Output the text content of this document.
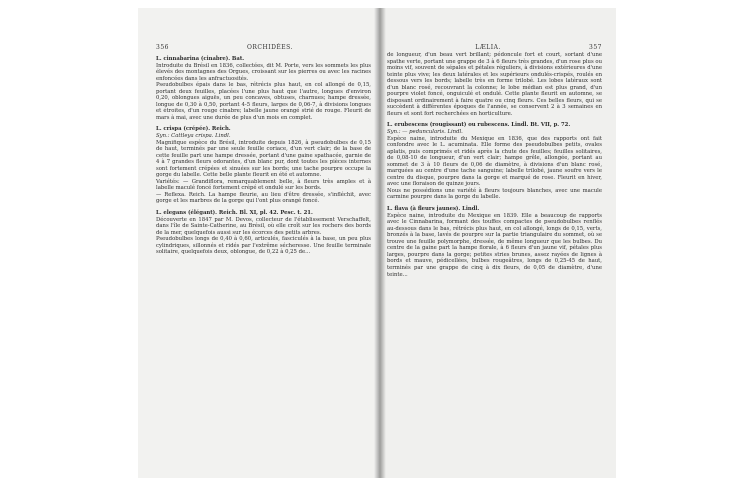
356	ORCHIDÉES.
L. cinnabarina (cinabre). Bat.

Introduite du Brésil en 1836, collectées, dit M. Porte, vers les sommets les plus élevés des montagnes des Orgues, croissant sur les pierres ou avec les racines enfoncées dans les anfractuosités.

Pseudobulbes épais dans le bas, rétrécis plus haut, en col allongé de 0,15, portant deux feuilles, placées l'une plus haut que l'autre, longues d'environ 0,20, oblongues aiguës, un peu concaves, obtuses, charnues; hampe dressée, longue de 0,30 à 0,50, portant 4-5 fleurs, larges de 0,06-7, à divisions longues et étroites, d'un rouge cinabre; labelle jaune orangé strié de rouge. Fleurit de mars à mai, avec une durée de plus d'un mois en complet.

L. crispa (crépée). Reich.

Syn.: Cattleya crispa. Lindl.

Magnifique espèce du Brésil, introduite depuis 1826, à pseudobulbes de 0,15 de haut, terminés par une seule feuille coriace, d'un vert clair; de la base de cette feuille part une hampe dressée, portant d'une gaine spathacée, garnie de 4 à 7 grandes fleurs odorantes, d'un blanc pur, dont toutes les pièces internes sont fortement crépées et sinuées sur les bords; une tache pourpre occupe la gorge du labelle. Cette belle plante fleurit en été et automne.

Variétés: — Grandiflora, remarquablement belle, à fleurs très amples et à labelle maculé foncé fortement crépé et ondulé sur les bords.

— Reflexa. Reich. La hampe fleurie, au lieu d'être dressée, s'infléchit, avec gorge et les marbres de la gorge qui l'ont plus orangé foncé.

L. elegans (élégant). Reich. Bl. XI, pl. 42. Pesc. t. 21.

Découverte en 1847 par M. Devos, collecteur de l'établissement Verschaffelt, dans l'île de Sainte-Catherine, au Brésil, où elle croît sur les rochers des bords de la mer, quelquefois aussi sur les écorces des petits arbres.

Pseudobulbes longs de 0,40 à 0,60, articulés, fasciculés à la base, un peu plus cylindriques, sillonnés et ridés par l'extrême sécheresse. Une feuille terminale solitaire, quelquefois deux, oblongue, de 0,22 à 0,25 de...

LÆLIA.	357

de longueur, d'un beau vert brillant; pédoncule fort et court, sortant d'une spathe verte, portant une grappe de 3 à 6 fleurs très grandes, d'un rose plus ou moins vif, souvent de sépales et pétales réguliers, à divisions extérieures d'une teinte plus vive; les deux latérales et les supérieurs ondulés-crispés, roulés en dessous vers les bords; labelle très en forme trilobé. Les lobes latéraux sont d'un blanc rosé, recouvrant la colonne; le lobe médian est plus grand, d'un pourpre violet foncé, onguiculé et ondulé. Cette plante fleurit en automne, se disposant ordinairement à faire quatre ou cinq fleurs. Ces belles fleurs, qui se succèdent à différentes époques de l'année, se conservent 2 à 3 semaines en fleurs et sont fort recherchées en horticulture.

L. erubescens (rougissant) ou rubescens. Lindl. Bt. VII, p. 72.

Syn.: — peduncularis. Lindl.

Espèce naine, introduite du Mexique en 1836, que des rapports ont fait confondre avec le L. acuminata. Elle forme des pseudobulbes petits, ovales aplatis, puis comprimés et ridés après la chute des feuilles; feuilles solitaires, de 0,08-10 de longueur, d'un vert clair; hampe grêle, allongée, portant au sommet de 3 à 10 fleurs de 0,06 de diamètre, à divisions d'un blanc rosé, marquées au centre d'une tache sanguine; labelle trilobé, jaune soufre vers le centre du disque, pourpre dans la gorge et marqué de rose. Fleurit en hiver, avec une floraison de quinze jours.

Nous ne possédions une variété à fleurs toujours blanches, avec une macule carmine pourpre dans la gorge du labelle.

L. flava (à fleurs jaunes). Lindl.

Espèce naine, introduite du Mexique en 1839. Elle a beaucoup de rapports avec le Cinnabarina, formant des touffes compactes de pseudobulbes renflés au-dessous dans le bas, rétrécis plus haut, en col allongé, longs de 0,15, verts, bronzés à la base, lavés de pourpre sur la partie triangulaire du sommet, où se trouve une feuille polymorphe, dressée, de même longueur que les bulbes. Du centre de la gaine part la hampe florale, à 6 fleurs d'un jaune vif, pétales plus larges, pourpre dans la gorge; petites stries brunes, assez rayées de lignes à bords et mauve, pédicellées, bulbes rougeâtres, longs de 0,25-45 de haut, terminés par une grappe de cinq à dix fleurs, de 0,05 de diamètre, d'une teinte...
